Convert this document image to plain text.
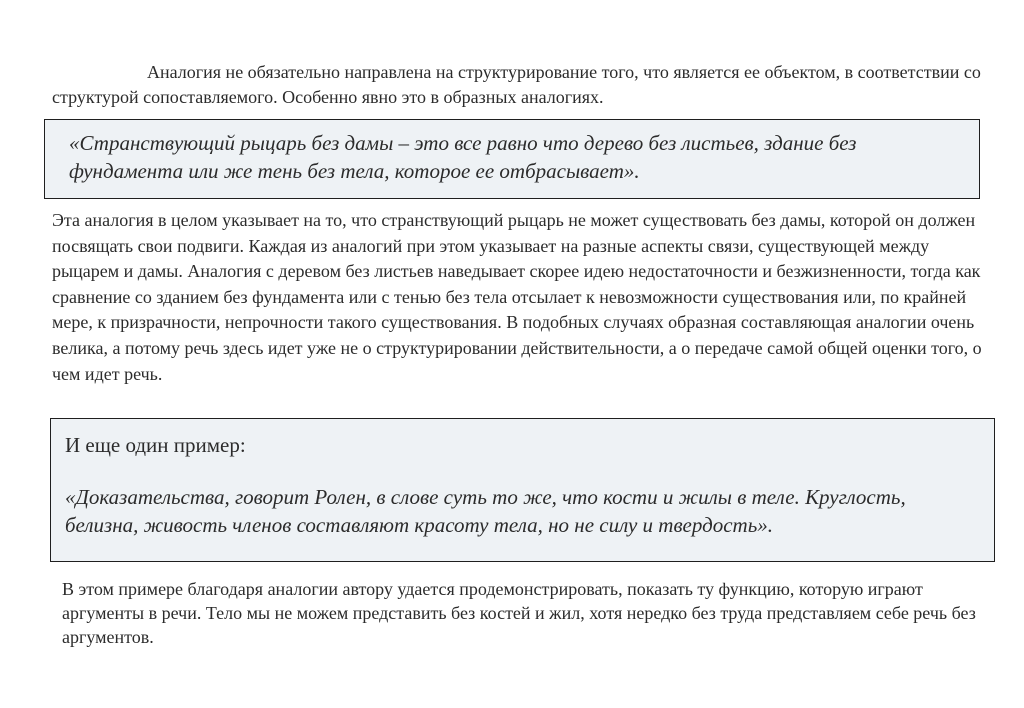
Аналогия не обязательно направлена на структурирование того, что является ее объектом, в соответствии со структурой сопоставляемого. Особенно явно это в образных аналогиях.

«Странствующий рыцарь без дамы – это все равно что дерево без листьев, здание без фундамента или же тень без тела, которое ее отбрасывает».

Эта аналогия в целом указывает на то, что странствующий рыцарь не может существовать без дамы, которой он должен посвящать свои подвиги. Каждая из аналогий при этом указывает на разные аспекты связи, существующей между рыцарем и дамы. Аналогия с деревом без листьев наведывает скорее идею недостаточности и безжизненности, тогда как сравнение со зданием без фундамента или с тенью без тела отсылает к невозможности существования или, по крайней мере, к призрачности, непрочности такого существования. В подобных случаях образная составляющая аналогии очень велика, а потому речь здесь идет уже не о структурировании действительности, а о передаче самой общей оценки того, о чем идет речь.

И еще один пример:

«Доказательства, говорит Ролен, в слове суть то же, что кости и жилы в теле. Круглость, белизна, живость членов составляют красоту тела, но не силу и твердость».

В этом примере благодаря аналогии автору удается продемонстрировать, показать ту функцию, которую играют аргументы в речи. Тело мы не можем представить без костей и жил, хотя нередко без труда представляем себе речь без аргументов.
